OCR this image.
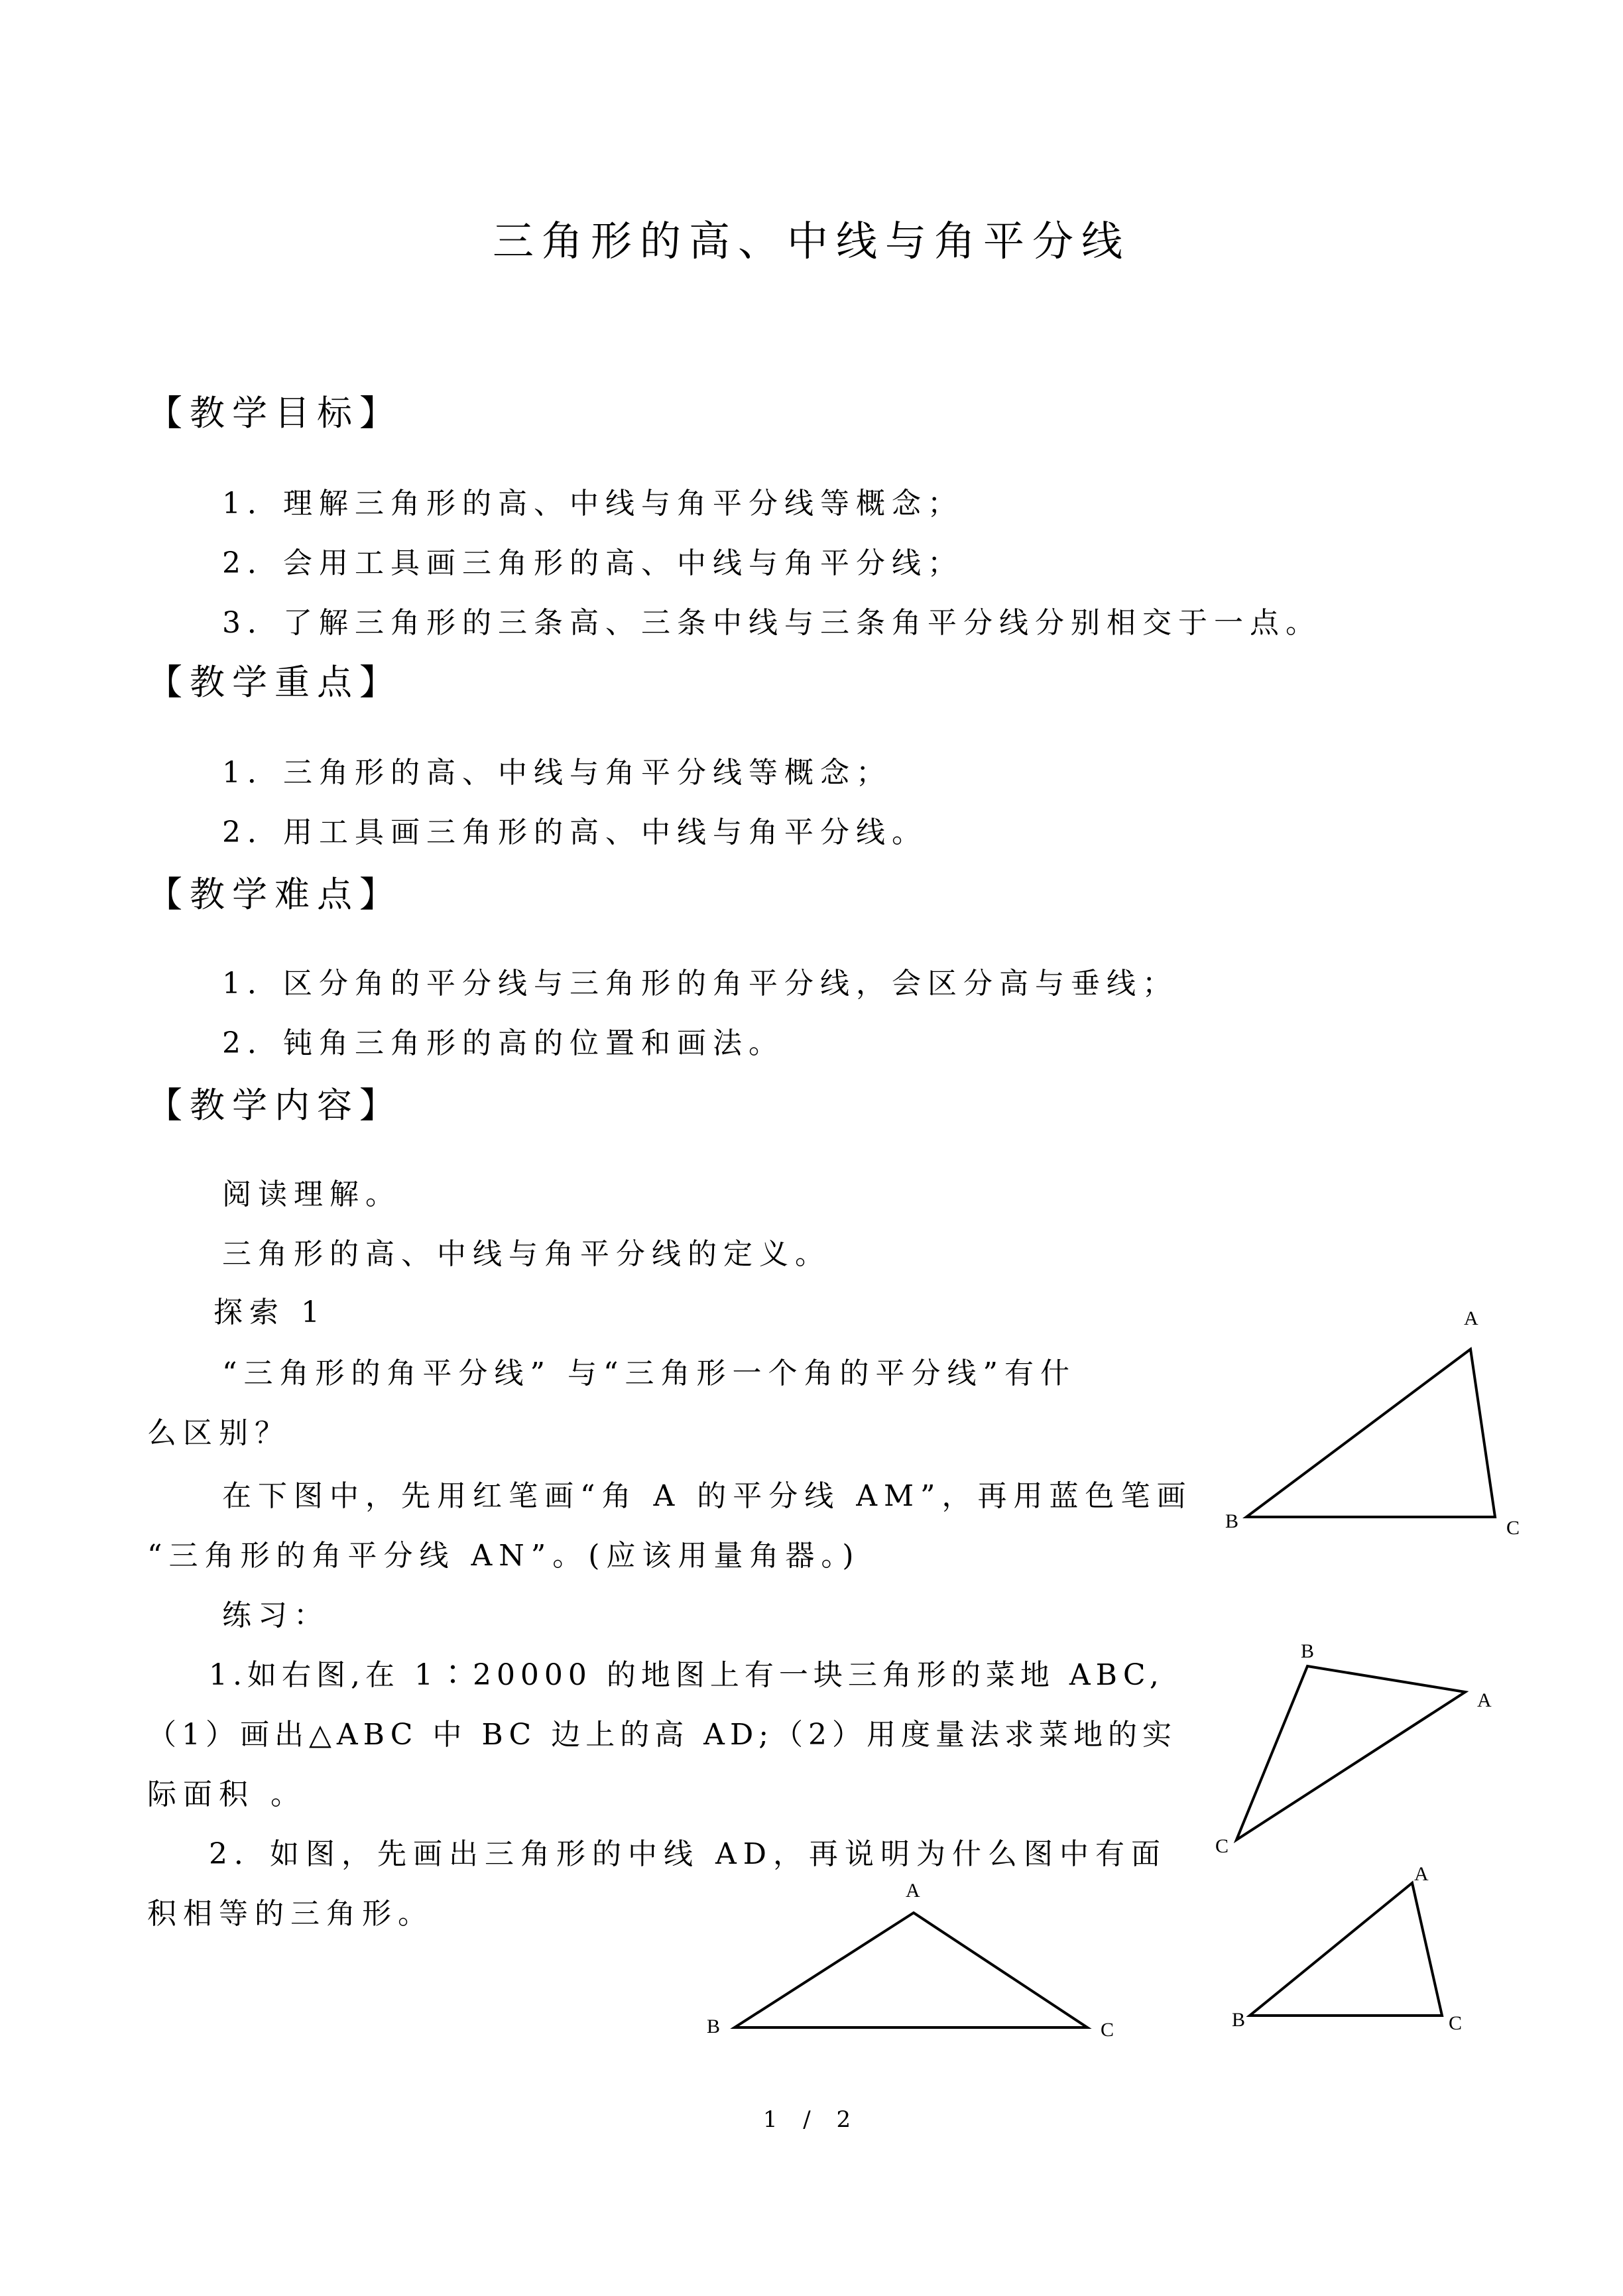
三角形的高、中线与角平分线
【教学目标】
1．理解三角形的高、中线与角平分线等概念；
2．会用工具画三角形的高、中线与角平分线；
3．了解三角形的三条高、三条中线与三条角平分线分别相交于一点。
【教学重点】
1．三角形的高、中线与角平分线等概念；
2．用工具画三角形的高、中线与角平分线。
【教学难点】
1．区分角的平分线与三角形的角平分线，会区分高与垂线；
2．钝角三角形的高的位置和画法。
【教学内容】
阅读理解。
三角形的高、中线与角平分线的定义。
探索 1
“三角形的角平分线” 与“三角形一个角的平分线”有什
么区别？
在下图中，先用红笔画“角 A 的平分线 AM”，再用蓝色笔画
“三角形的角平分线 AN”。(应该用量角器。)
练习：
1.如右图,在 1∶20000 的地图上有一块三角形的菜地 ABC,
（1）画出△ABC 中 BC 边上的高 AD;（2）用度量法求菜地的实
际面积 。
2．如图，先画出三角形的中线 AD，再说明为什么图中有面
积相等的三角形。
A
B	C
B
A
C
A
B	C
A
B	C
1 / 2
